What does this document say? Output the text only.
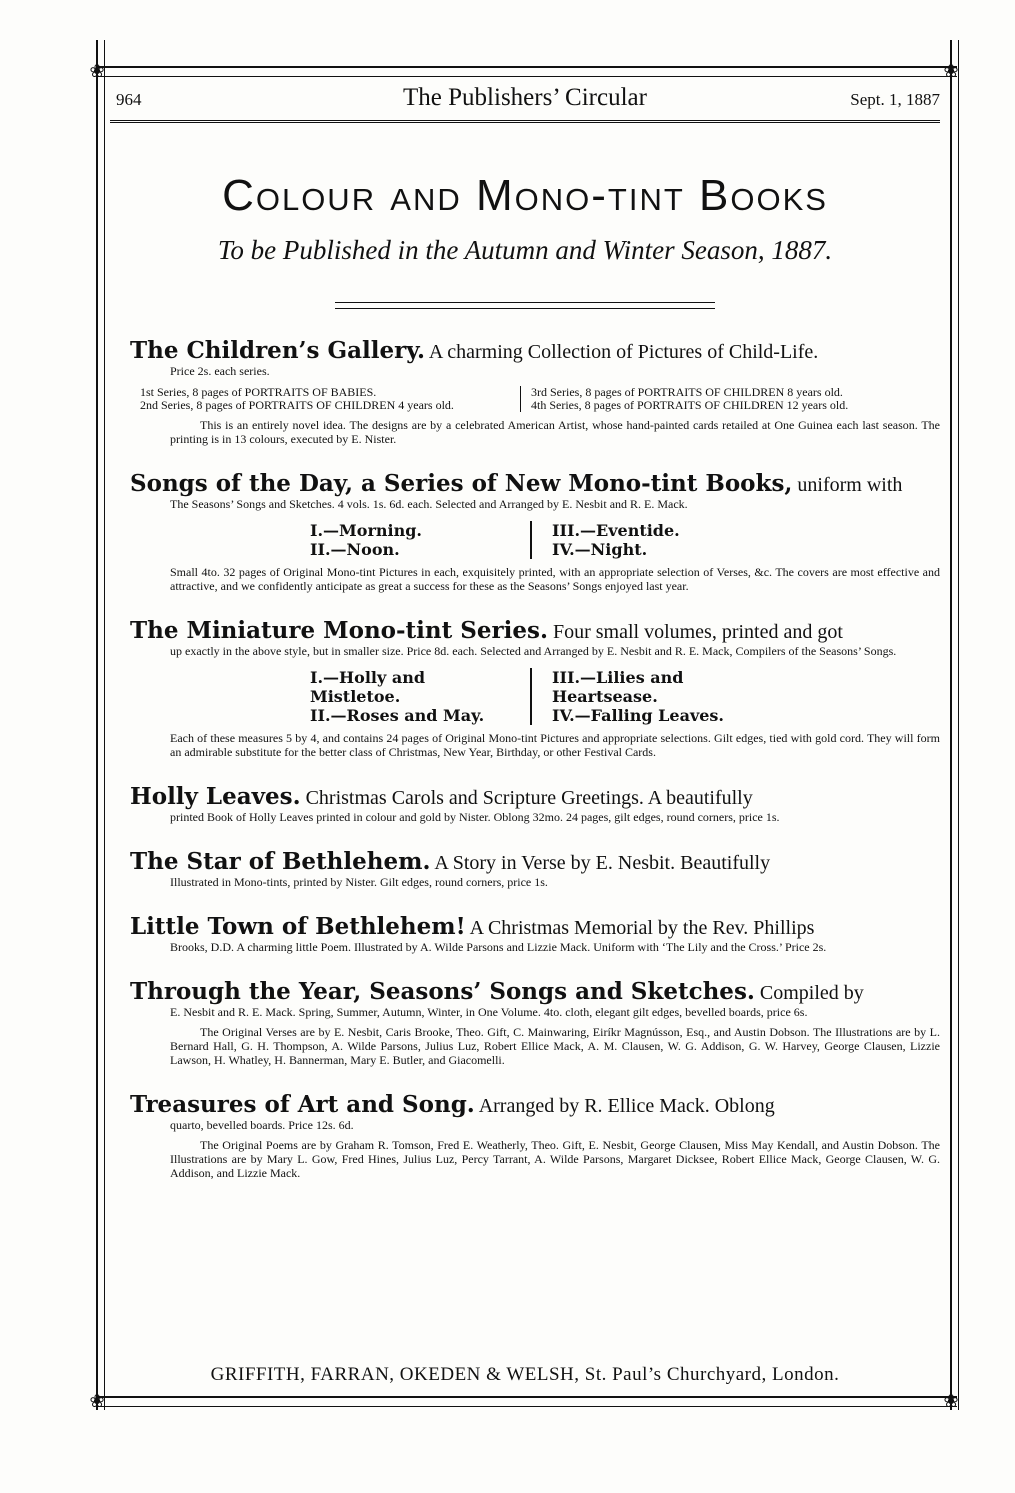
❀	❀
❀	❀
964	The Publishers’ Circular	Sept. 1, 1887
Colour and Mono-tint Books
To be Published in the Autumn and Winter Season, 1887.
The Children’s Gallery. A charming Collection of Pictures of Child-Life.
Price 2s. each series.
1st Series, 8 pages of PORTRAITS OF BABIES.
2nd Series, 8 pages of PORTRAITS OF CHILDREN 4 years old.
3rd Series, 8 pages of PORTRAITS OF CHILDREN 8 years old.
4th Series, 8 pages of PORTRAITS OF CHILDREN 12 years old.
This is an entirely novel idea. The designs are by a celebrated American Artist, whose hand-painted cards retailed at One Guinea each last season. The printing is in 13 colours, executed by E. Nister.
Songs of the Day, a Series of New Mono-tint Books, uniform with
The Seasons’ Songs and Sketches. 4 vols. 1s. 6d. each. Selected and Arranged by E. Nesbit and R. E. Mack.
I.—Morning.
II.—Noon.
III.—Eventide.
IV.—Night.
Small 4to. 32 pages of Original Mono-tint Pictures in each, exquisitely printed, with an appropriate selection of Verses, &c. The covers are most effective and attractive, and we confidently anticipate as great a success for these as the Seasons’ Songs enjoyed last year.
The Miniature Mono-tint Series. Four small volumes, printed and got
up exactly in the above style, but in smaller size. Price 8d. each. Selected and Arranged by E. Nesbit and R. E. Mack, Compilers of the Seasons’ Songs.
I.—Holly and Mistletoe.
II.—Roses and May.
III.—Lilies and Heartsease.
IV.—Falling Leaves.
Each of these measures 5 by 4, and contains 24 pages of Original Mono-tint Pictures and appropriate selections. Gilt edges, tied with gold cord. They will form an admirable substitute for the better class of Christmas, New Year, Birthday, or other Festival Cards.
Holly Leaves. Christmas Carols and Scripture Greetings. A beautifully
printed Book of Holly Leaves printed in colour and gold by Nister. Oblong 32mo. 24 pages, gilt edges, round corners, price 1s.
The Star of Bethlehem. A Story in Verse by E. Nesbit. Beautifully
Illustrated in Mono-tints, printed by Nister. Gilt edges, round corners, price 1s.
Little Town of Bethlehem! A Christmas Memorial by the Rev. Phillips
Brooks, D.D. A charming little Poem. Illustrated by A. Wilde Parsons and Lizzie Mack. Uniform with ‘The Lily and the Cross.’ Price 2s.
Through the Year, Seasons’ Songs and Sketches. Compiled by
E. Nesbit and R. E. Mack. Spring, Summer, Autumn, Winter, in One Volume. 4to. cloth, elegant gilt edges, bevelled boards, price 6s.
The Original Verses are by E. Nesbit, Caris Brooke, Theo. Gift, C. Mainwaring, Eiríkr Magnússon, Esq., and Austin Dobson. The Illustrations are by L. Bernard Hall, G. H. Thompson, A. Wilde Parsons, Julius Luz, Robert Ellice Mack, A. M. Clausen, W. G. Addison, G. W. Harvey, George Clausen, Lizzie Lawson, H. Whatley, H. Bannerman, Mary E. Butler, and Giacomelli.
Treasures of Art and Song. Arranged by R. Ellice Mack. Oblong
quarto, bevelled boards. Price 12s. 6d.
The Original Poems are by Graham R. Tomson, Fred E. Weatherly, Theo. Gift, E. Nesbit, George Clausen, Miss May Kendall, and Austin Dobson. The Illustrations are by Mary L. Gow, Fred Hines, Julius Luz, Percy Tarrant, A. Wilde Parsons, Margaret Dicksee, Robert Ellice Mack, George Clausen, W. G. Addison, and Lizzie Mack.
GRIFFITH, FARRAN, OKEDEN & WELSH, St. Paul’s Churchyard, London.
